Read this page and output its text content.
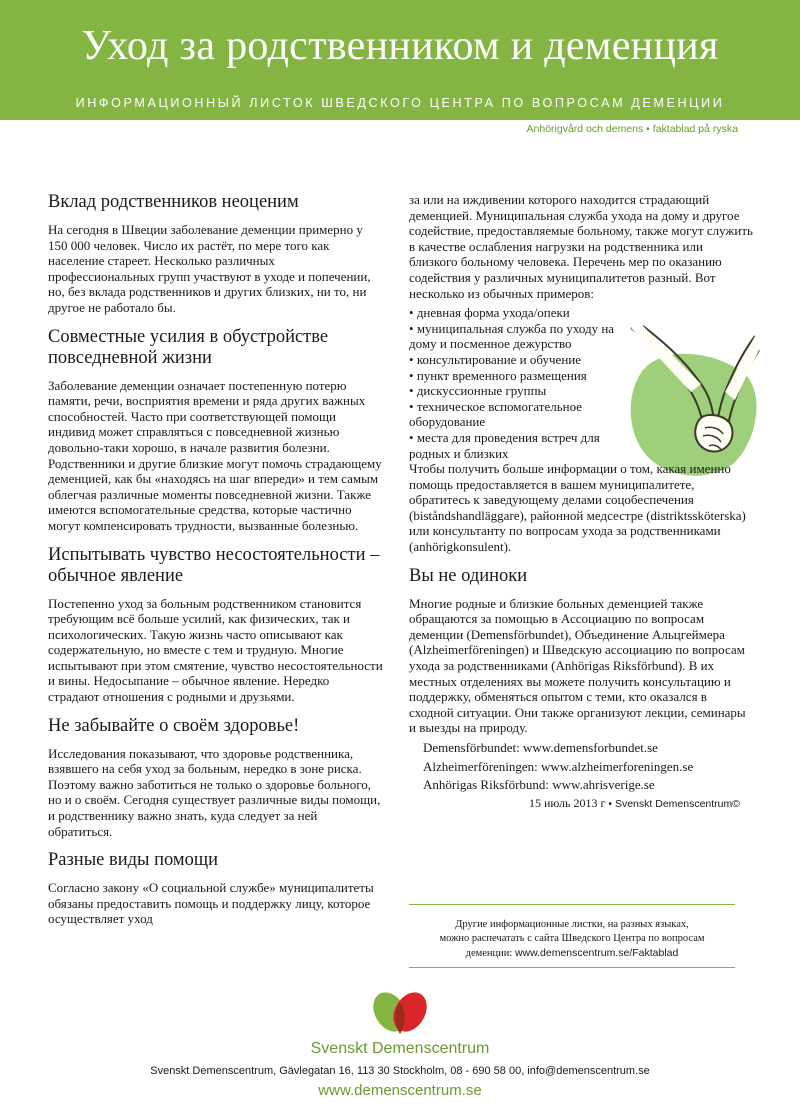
Уход за родственником и деменция
ИНФОРМАЦИОННЫЙ ЛИСТОК ШВЕДСКОГО ЦЕНТРА ПО ВОПРОСАМ ДЕМЕНЦИИ
Anhörigvård och demens • faktablad på ryska
Вклад родственников неоценим

На сегодня в Швеции заболевание деменции примерно у 150 000 человек. Число их растёт, по мере того как население стареет. Несколько различных профессиональных групп участвуют в уходе и попечении, но, без вклада родственников и других близких, ни то, ни другое не работало бы.

Совместные усилия в обустройстве повседневной жизни

Заболевание деменции означает постепенную потерю памяти, речи, восприятия времени и ряда других важных способностей. Часто при соответствующей помощи индивид может справляться с повседневной жизнью довольно-таки хорошо, в начале развития болезни. Родственники и другие близкие могут помочь страдающему деменцией, как бы «находясь на шаг впереди» и тем самым облегчая различные моменты повседневной жизни. Также имеются вспомогательные средства, которые частично могут компенсировать трудности, вызванные болезнью.

Испытывать чувство несостоятельности – обычное явление

Постепенно уход за больным родственником становится требующим всё больше усилий, как физических, так и психологических. Такую жизнь часто описывают как содержательную, но вместе с тем и трудную. Многие испытывают при этом смятение, чувство несостоятельности и вины. Недосыпание – обычное явление. Нередко страдают отношения с родными и друзьями.

Не забывайте о своём здоровье!

Исследования показывают, что здоровье родственника, взявшего на себя уход за больным, нередко в зоне риска. Поэтому важно заботиться не только о здоровье больного, но и о своём. Сегодня существует различные виды помощи, и родственнику важно знать, куда следует за ней обратиться.

Разные виды помощи

Согласно закону «О социальной службе» муниципалитеты обязаны предоставить помощь и поддержку лицу, которое осуществляет уход

за или на иждивении которого находится страдающий деменцией. Муниципальная служба ухода на дому и другое содействие, предоставляемые больному, также могут служить в качестве ослабления нагрузки на родственника или близкого больному человека. Перечень мер по оказанию содействия у различных муниципалитетов разный. Вот несколько из обычных примеров:

• дневная форма ухода/опеки
• муниципальная служба по уходу на дому и посменное дежурство
• консультирование и обучение
• пункт временного размещения
• дискуссионные группы
• техническое вспомогательное оборудование
• места для проведения встреч для родных и близких

Чтобы получить больше информации о том, какая именно помощь предоставляется в вашем муниципалитете, обратитесь к заведующему делами соцобеспечения (biståndshandläggare), районной медсестре (distriktssköterska) или консультанту по вопросам ухода за родственниками (anhörigkonsulent).

Вы не одиноки

Многие родные и близкие больных деменцией также обращаются за помощью в Ассоциацию по вопросам деменции (Demensförbundet), Объединение Альцгеймера (Alzheimerföreningen) и Шведскую ассоциацию по вопросам ухода за родственниками (Anhörigas Riksförbund). В их местных отделениях вы можете получить консультацию и поддержку, обменяться опытом с теми, кто оказался в сходной ситуации. Они также организуют лекции, семинары и выезды на природу.

Demensförbundet: www.demensforbundet.se
Alzheimerföreningen: www.alzheimerforeningen.se
Anhörigas Riksförbund: www.ahrisverige.se
15 июль 2013 г • Svenskt Demenscentrum©
Другие информационные листки, на разных языках,
можно распечатать с сайта Шведского Центра по вопросам
деменции: www.demenscentrum.se/Faktablad
Svenskt Demenscentrum
Svenskt Demenscentrum, Gävlegatan 16, 113 30 Stockholm, 08 - 690 58 00, info@demenscentrum.se
www.demenscentrum.se
